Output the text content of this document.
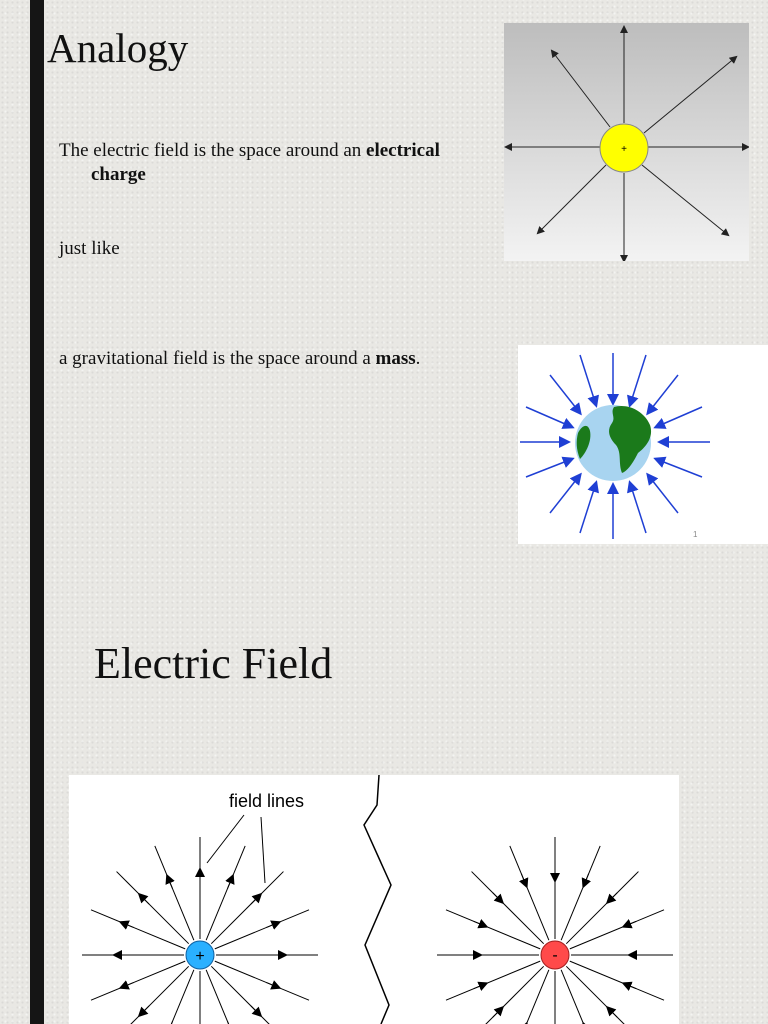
Analogy
The electric field is the space around an electrical
charge
just like
a gravitational field is the space around a mass.
+
1
Electric Field
field lines
+	-
